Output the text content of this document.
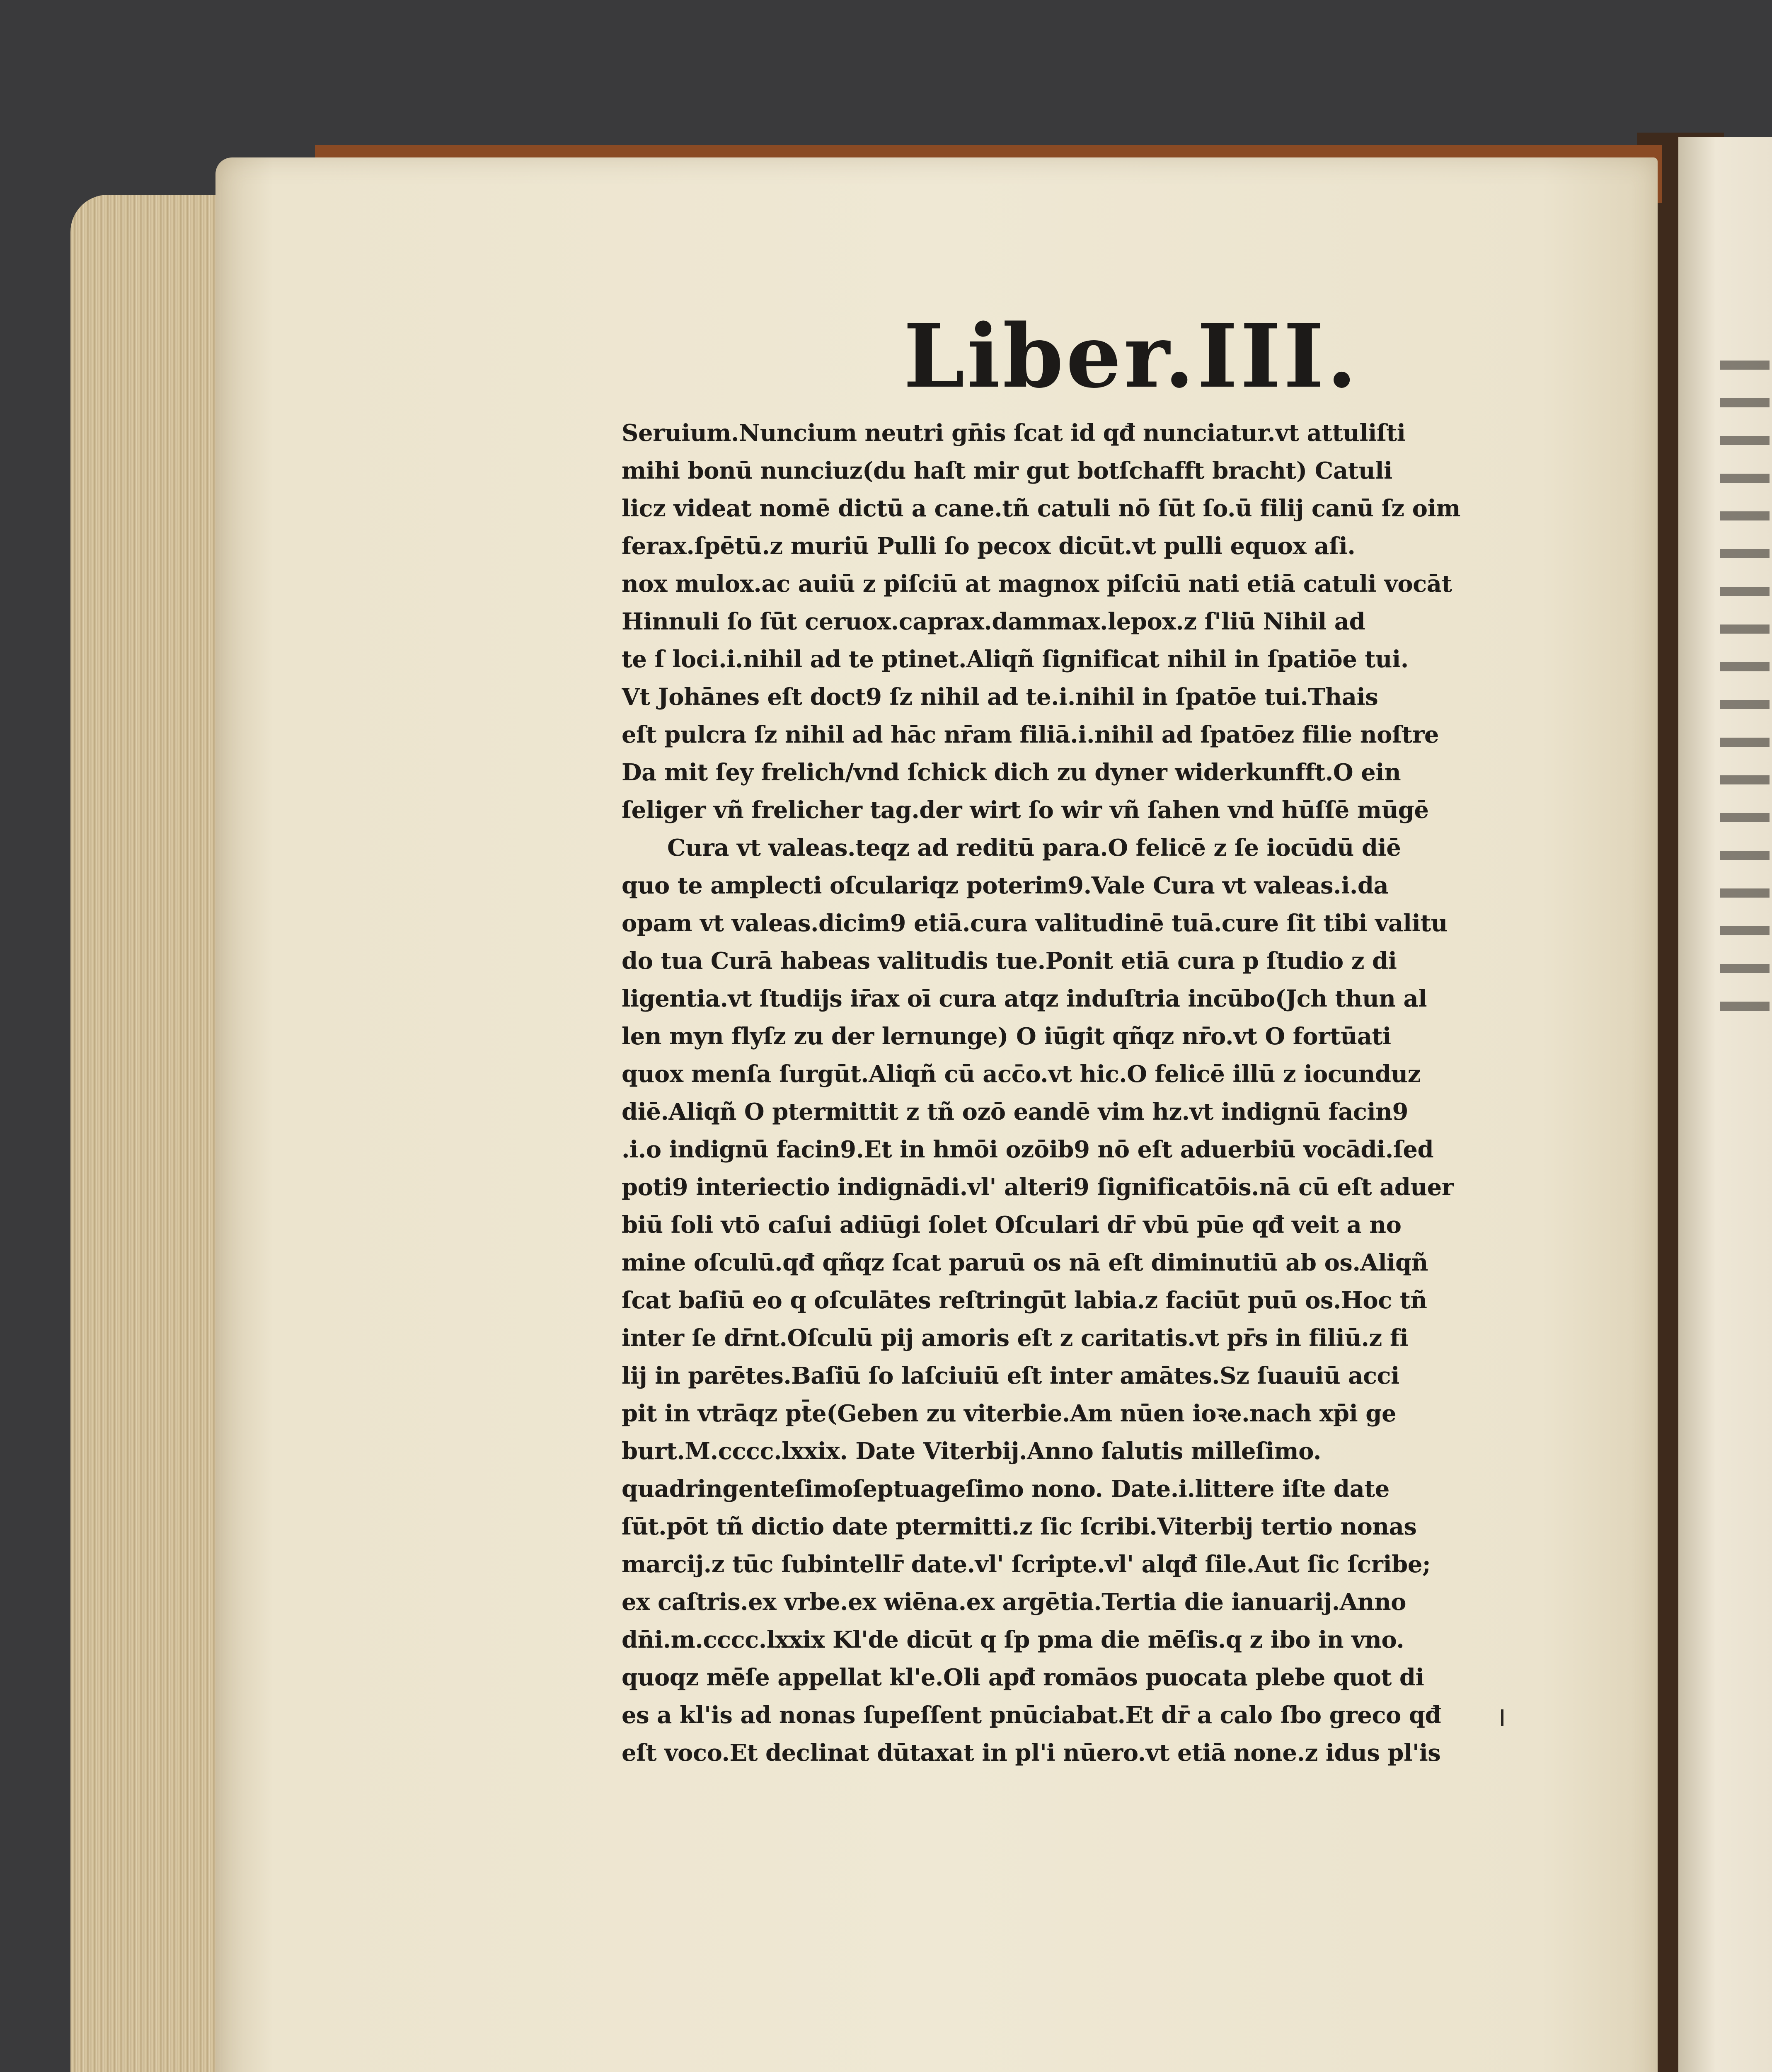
Liber.III.
Seruium.Nuncium neutri gn̄is ſcat id qđ nunciatur.vt attuliſti
mihi bonū nunciuz(du haſt mir gut botſchafft bracht) Catuli
licz videat nomē dictū a cane.tñ catuli nō ſūt ſo.ū filij canū ſz oim
ferax.ſpētū.z muriū Pulli ſo pecox dicūt.vt pulli equox aſi.
nox mulox.ac auiū z piſciū at magnox piſciū nati etiā catuli vocāt
Hinnuli ſo ſūt ceruox.caprax.dammax.lepox.z ſ'liū Nihil ad
te ſ loci.i.nihil ad te ptinet.Aliqñ ſignificat nihil in ſpatiōe tui.
Vt Johānes eſt doct9 ſz nihil ad te.i.nihil in ſpatōe tui.Thais
eſt pulcra ſz nihil ad hāc nr̄am filiā.i.nihil ad ſpatōez filie noſtre
Da mit ſey frelich/vnd ſchick dich zu dyner widerkunfft.O ein
ſeliger vñ frelicher tag.der wirt ſo wir vñ ſahen vnd hūſſē mūgē
Cura vt valeas.teqz ad reditū para.O felicē z ſe iocūdū diē
quo te amplecti oſculariqz poterim9.Vale Cura vt valeas.i.da
opam vt valeas.dicim9 etiā.cura valitudinē tuā.cure ſit tibi valitu
do tua Curā habeas valitudis tue.Ponit etiā cura p ſtudio z di
ligentia.vt ſtudijs ir̄ax oī cura atqz induſtria incūbo(Jch thun al
len myn flyſz zu der lernunge) O iūgit qñqz nr̄o.vt O fortūati
quox menſa ſurgūt.Aliqñ cū acc̄o.vt hic.O felicē illū z iocunduz
diē.Aliqñ O ptermittit z tñ ozō eandē vim hz.vt indignū facin9
.i.o indignū facin9.Et in hmōi ozōib9 nō eſt aduerbiū vocādi.ſed
poti9 interiectio indignādi.vl' alteri9 ſignificatōis.nā cū eſt aduer
biū ſoli vtō caſui adiūgi ſolet Oſculari dr̄ vbū pūe qđ veit a no
mine oſculū.qđ qñqz ſcat paruū os nā eſt diminutiū ab os.Aliqñ
ſcat baſiū eo q oſculātes reſtringūt labia.z faciūt puū os.Hoc tñ
inter ſe dr̄nt.Oſculū pij amoris eſt z caritatis.vt pr̄s in filiū.z fi
lij in parētes.Baſiū ſo laſciuiū eſt inter amātes.Sz ſuauiū acci
pit in vtrāqz pt̄e(Geben zu viterbie.Am nūen ioꝛe.nach xp̄i ge
burt.M.cccc.lxxix. Date Viterbij.Anno ſalutis milleſimo.
quadringenteſimoſeptuageſimo nono. Date.i.littere iſte date
ſūt.pōt tñ dictio date ptermitti.z ſic ſcribi.Viterbij tertio nonas
marcij.z tūc ſubintellr̄ date.vl' ſcripte.vl' alqđ ſile.Aut ſic ſcribe;
ex caſtris.ex vrbe.ex wiēna.ex argētia.Tertia die ianuarij.Anno
dn̄i.m.cccc.lxxix Kl'de dicūt q ſp pma die mēſis.q z ibo in vno.
quoqz mēſe appellat kl'e.Oli apđ romāos puocata plebe quot di
es a kl'is ad nonas ſupeſſent pnūciabat.Et dr̄ a calo ſbo greco qđ
eſt voco.Et declinat dūtaxat in pl'i nūero.vt etiā none.z idus pl'is
